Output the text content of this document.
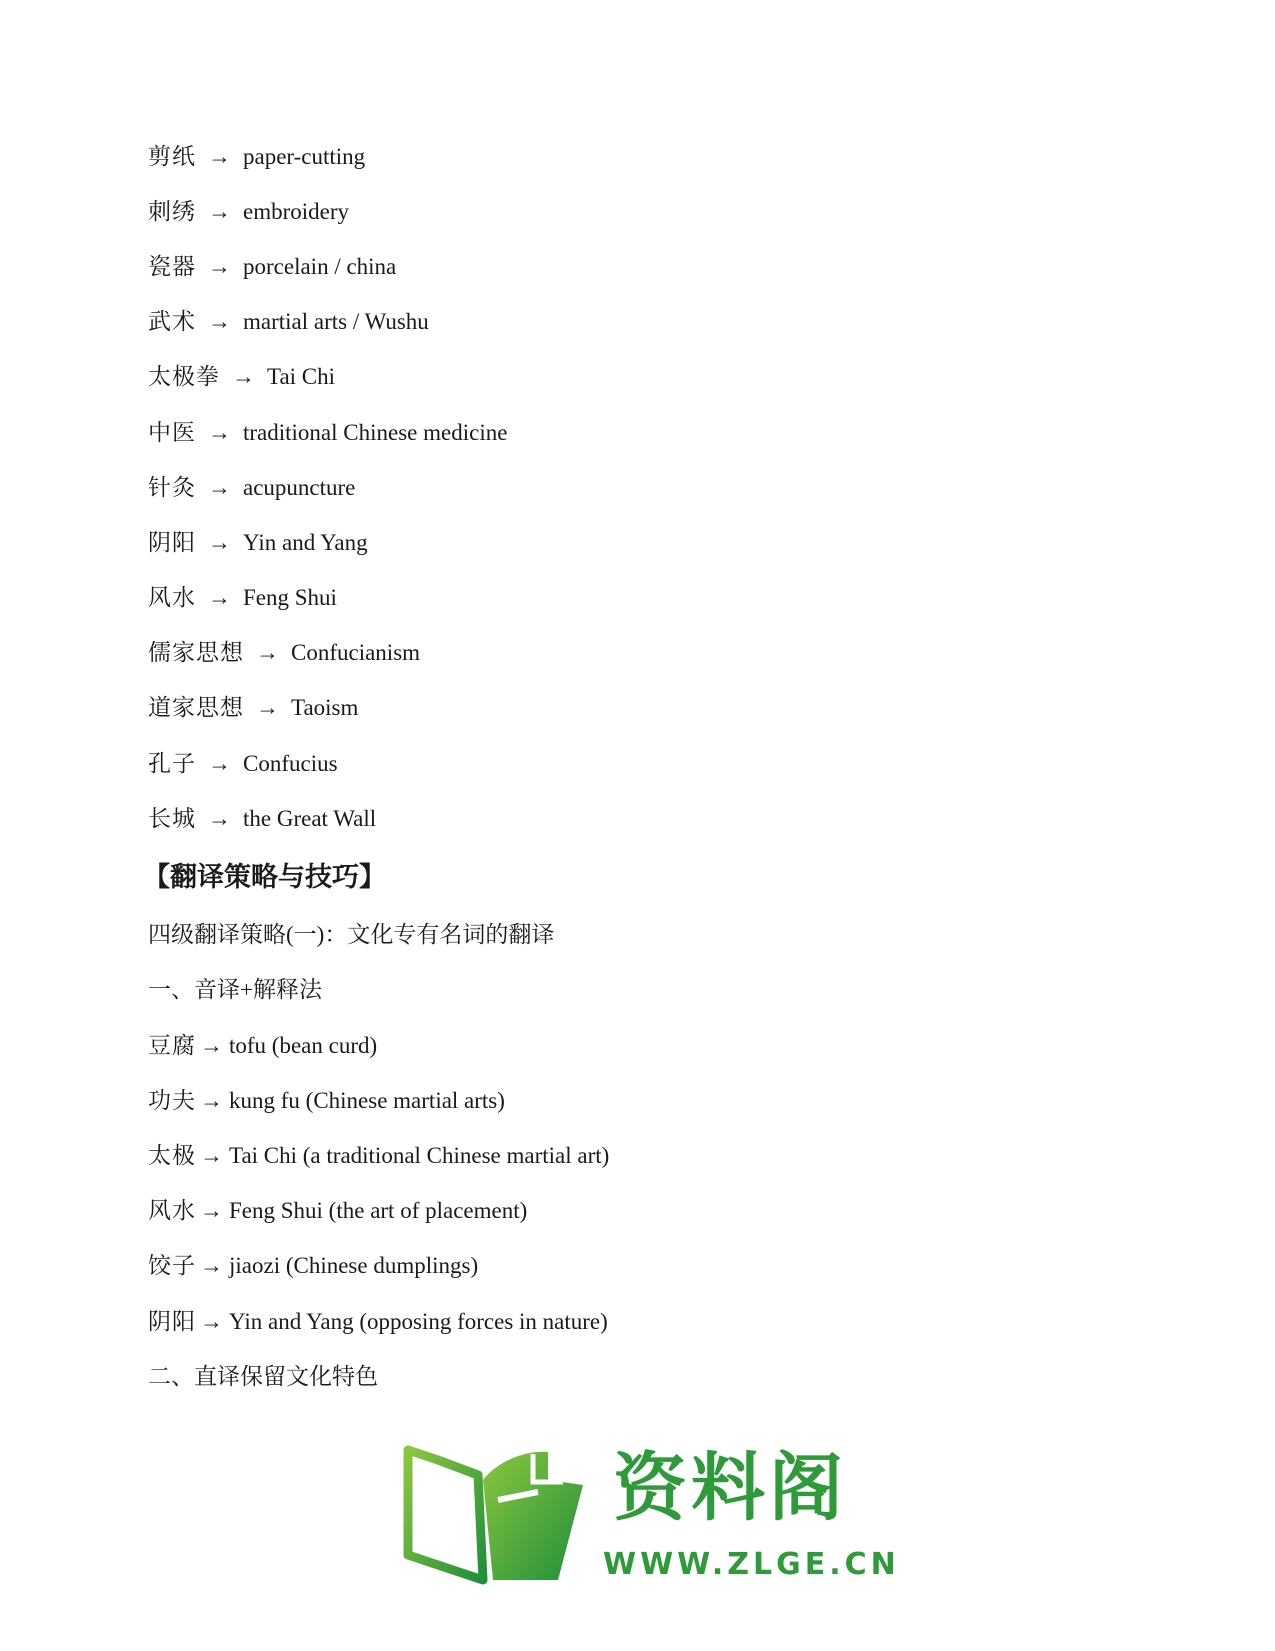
剪纸 → paper-cutting
刺绣 → embroidery
瓷器 → porcelain / china
武术 → martial arts / Wushu
太极拳 → Tai Chi
中医 → traditional Chinese medicine
针灸 → acupuncture
阴阳 → Yin and Yang
风水 → Feng Shui
儒家思想 → Confucianism
道家思想 → Taoism
孔子 → Confucius
长城 → the Great Wall
【翻译策略与技巧】
四级翻译策略(一)：文化专有名词的翻译
一、音译+解释法
豆腐 → tofu (bean curd)
功夫 → kung fu (Chinese martial arts)
太极 → Tai Chi (a traditional Chinese martial art)
风水 → Feng Shui (the art of placement)
饺子 → jiaozi (Chinese dumplings)
阴阳 → Yin and Yang (opposing forces in nature)
二、直译保留文化特色
资料阁
WWW.ZLGE.CN
